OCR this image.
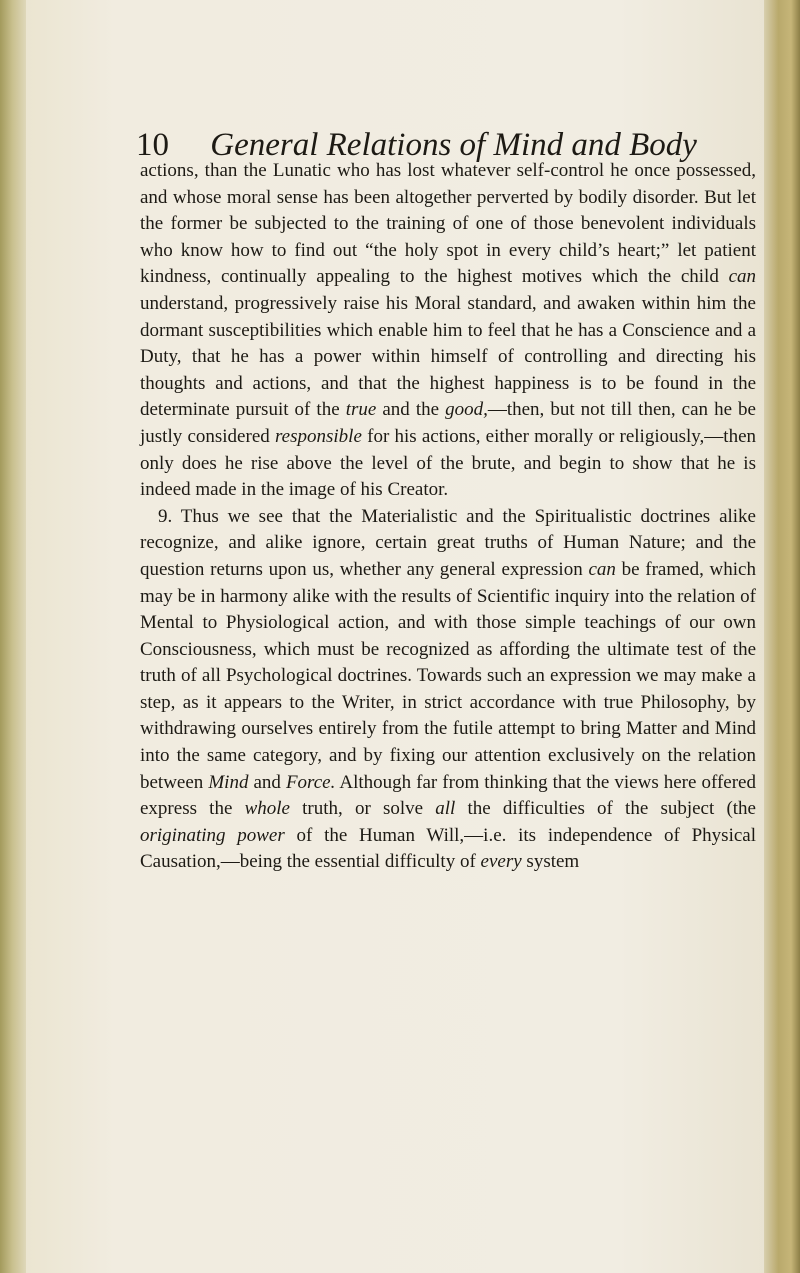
10 General Relations of Mind and Body

actions, than the Lunatic who has lost whatever self-control he once possessed, and whose moral sense has been altogether perverted by bodily disorder. But let the former be subjected to the training of one of those benevolent individuals who know how to find out “the holy spot in every child’s heart;” let patient kindness, continually appealing to the highest motives which the child can understand, progressively raise his Moral standard, and awaken within him the dormant susceptibilities which enable him to feel that he has a Conscience and a Duty, that he has a power within himself of controlling and directing his thoughts and actions, and that the highest happiness is to be found in the determinate pursuit of the true and the good,—then, but not till then, can he be justly considered responsible for his actions, either morally or religiously,—then only does he rise above the level of the brute, and begin to show that he is indeed made in the image of his Creator.

9. Thus we see that the Materialistic and the Spiritualistic doctrines alike recognize, and alike ignore, certain great truths of Human Nature; and the question returns upon us, whether any general expression can be framed, which may be in harmony alike with the results of Scientific inquiry into the relation of Mental to Physiological action, and with those simple teachings of our own Consciousness, which must be recognized as affording the ultimate test of the truth of all Psychological doctrines. Towards such an expression we may make a step, as it appears to the Writer, in strict accordance with true Philosophy, by withdrawing ourselves entirely from the futile attempt to bring Matter and Mind into the same category, and by fixing our attention exclusively on the relation between Mind and Force. Although far from thinking that the views here offered express the whole truth, or solve all the difficulties of the subject (the originating power of the Human Will,—i.e. its independence of Physical Causation,—being the essential difficulty of every system
